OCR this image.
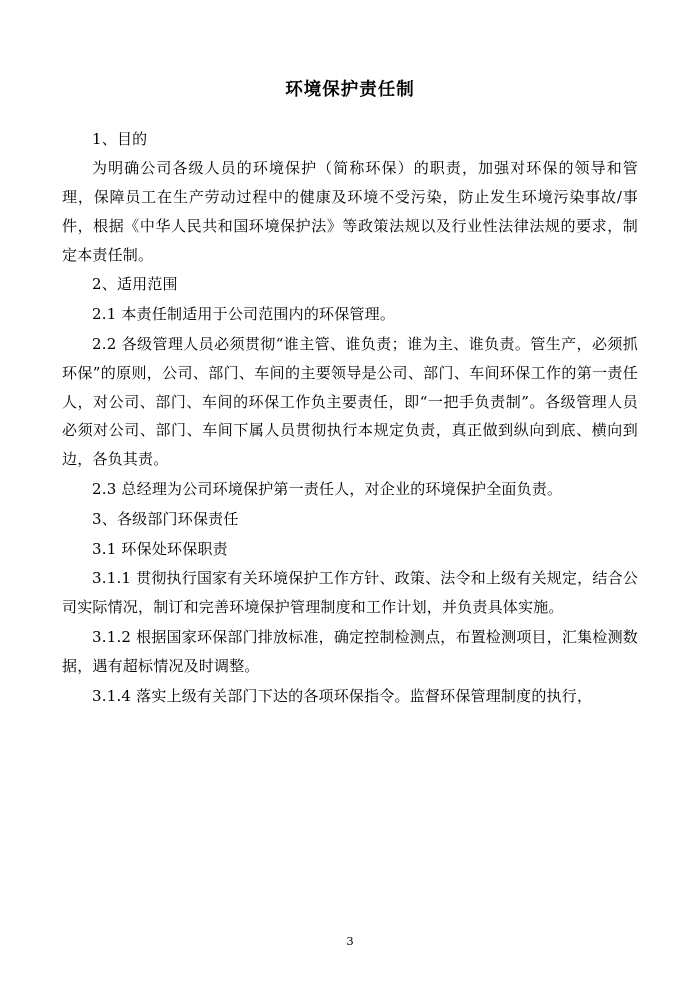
环境保护责任制

1、目的

为明确公司各级人员的环境保护（简称环保）的职责，加强对环保的领导和管理，保障员工在生产劳动过程中的健康及环境不受污染，防止发生环境污染事故/事件，根据《中华人民共和国环境保护法》等政策法规以及行业性法律法规的要求，制定本责任制。

2、适用范围

2.1 本责任制适用于公司范围内的环保管理。

2.2 各级管理人员必须贯彻“谁主管、谁负责；谁为主、谁负责。管生产，必须抓环保”的原则，公司、部门、车间的主要领导是公司、部门、车间环保工作的第一责任人，对公司、部门、车间的环保工作负主要责任，即“一把手负责制”。各级管理人员必须对公司、部门、车间下属人员贯彻执行本规定负责，真正做到纵向到底、横向到边，各负其责。

2.3 总经理为公司环境保护第一责任人，对企业的环境保护全面负责。

3、各级部门环保责任

3.1 环保处环保职责

3.1.1 贯彻执行国家有关环境保护工作方针、政策、法令和上级有关规定，结合公司实际情况，制订和完善环境保护管理制度和工作计划，并负责具体实施。

3.1.2 根据国家环保部门排放标准，确定控制检测点，布置检测项目，汇集检测数据，遇有超标情况及时调整。

3.1.4 落实上级有关部门下达的各项环保指令。监督环保管理制度的执行，

3
